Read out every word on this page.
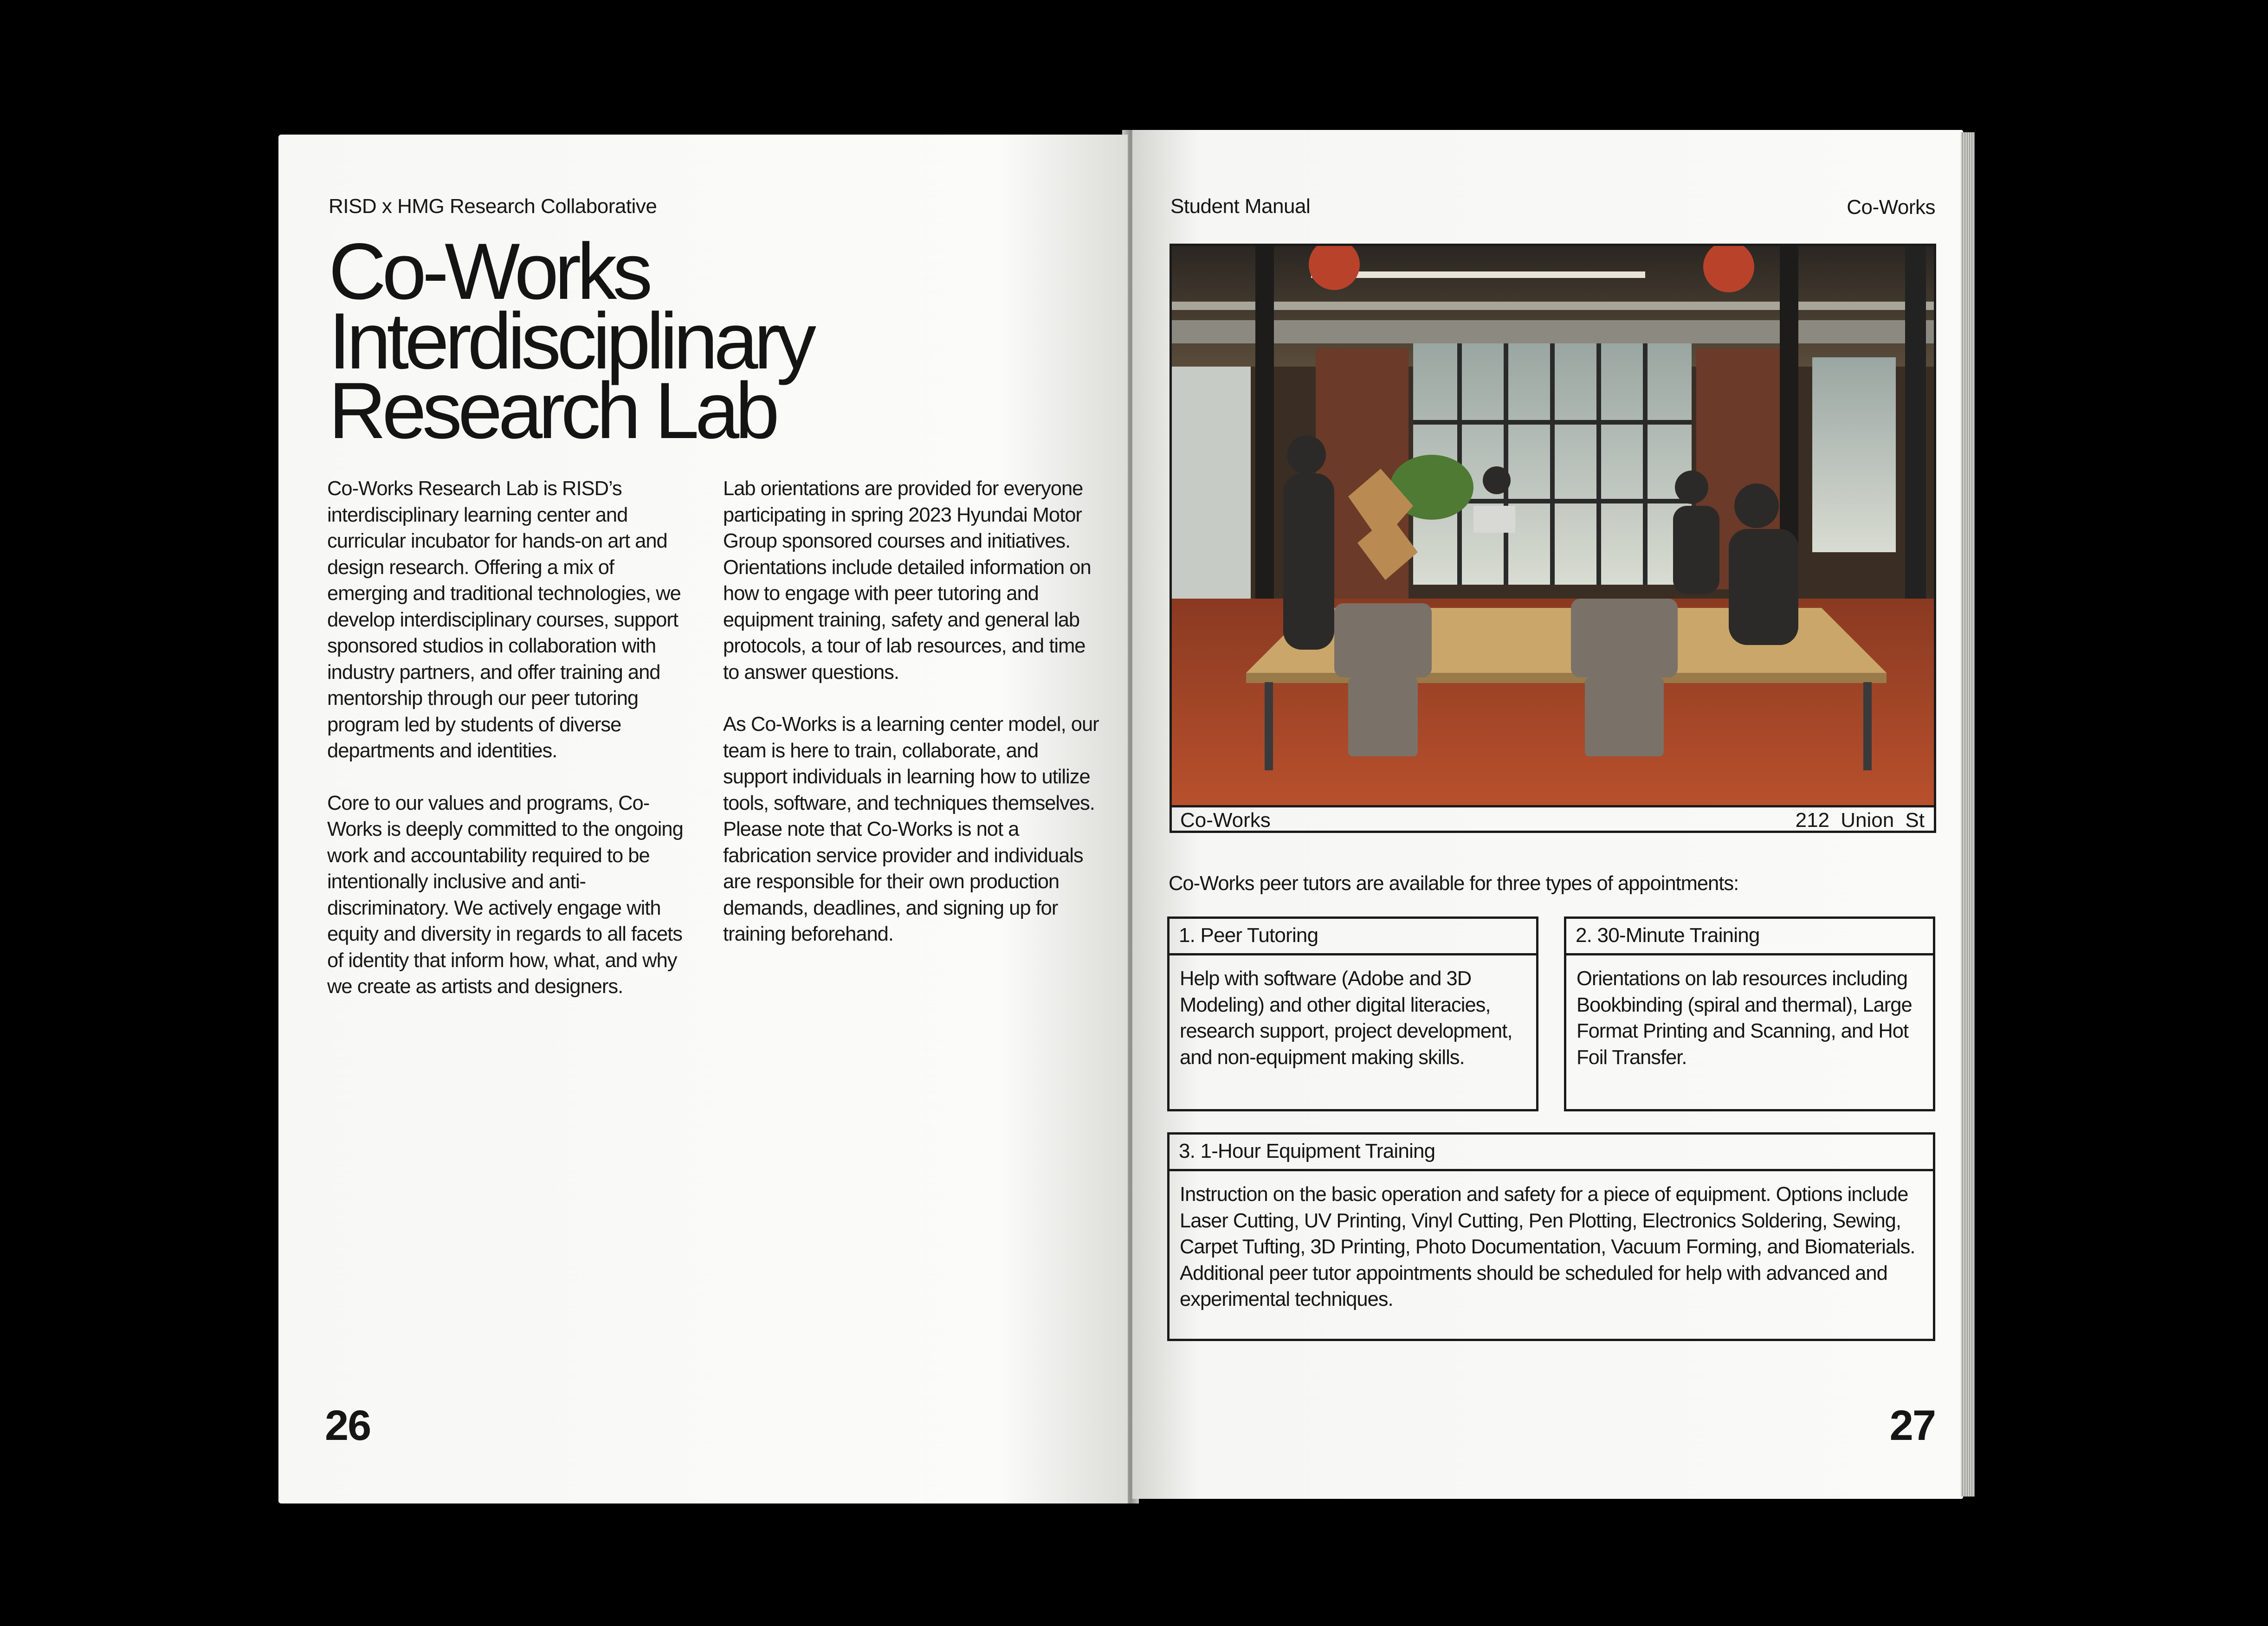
RISD x HMG Research Collaborative
Co-Works
Interdisciplinary
Research Lab

Co-Works Research Lab is RISD’s interdisciplinary learning center and curricular incubator for hands-on art and design research. Offering a mix of emerging and traditional technologies, we develop interdisciplinary courses, support sponsored studios in collaboration with industry partners, and offer training and mentorship through our peer tutoring program led by students of diverse departments and identities.

Core to our values and programs, Co-Works is deeply committed to the ongoing work and accountability required to be intentionally inclusive and anti-discriminatory. We actively engage with equity and diversity in regards to all facets of identity that inform how, what, and why we create as artists and designers.

Lab orientations are provided for everyone participating in spring 2023 Hyundai Motor Group sponsored courses and initiatives. Orientations include detailed information on how to engage with peer tutoring and equipment training, safety and general lab protocols, a tour of lab resources, and time to answer questions.

As Co-Works is a learning center model, our team is here to train, collaborate, and support individuals in learning how to utilize tools, software, and techniques themselves. Please note that Co-Works is not a fabrication service provider and individuals are responsible for their own production demands, deadlines, and signing up for training beforehand.

26
Student Manual	Co-Works
Co-Works	212 Union St
Co-Works peer tutors are available for three types of appointments:
1. Peer Tutoring
Help with software (Adobe and 3D Modeling) and other digital literacies, research support, project development, and non-equipment making skills.
2. 30-Minute Training
Orientations on lab resources including Bookbinding (spiral and thermal), Large Format Printing and Scanning, and Hot Foil Transfer.
3. 1-Hour Equipment Training
Instruction on the basic operation and safety for a piece of equipment. Options include Laser Cutting, UV Printing, Vinyl Cutting, Pen Plotting, Electronics Soldering, Sewing, Carpet Tufting, 3D Printing, Photo Documentation, Vacuum Forming, and Biomaterials. Additional peer tutor appointments should be scheduled for help with advanced and experimental techniques.
27
